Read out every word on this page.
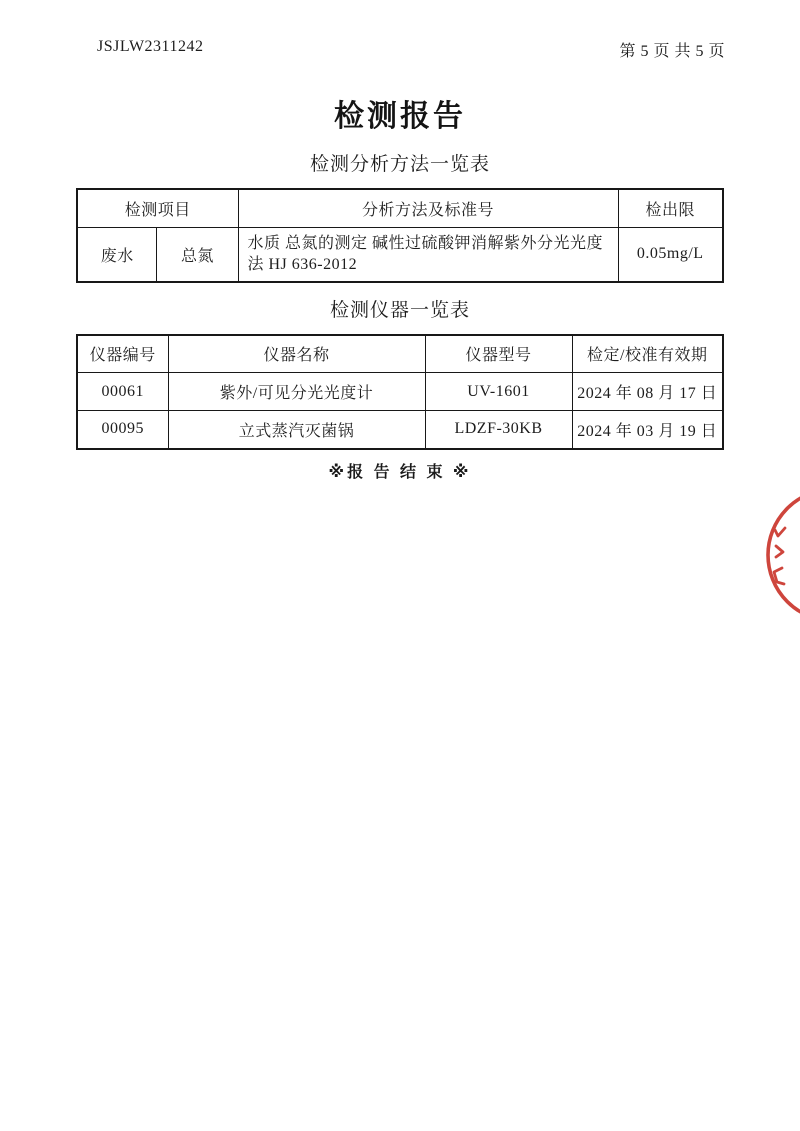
JSJLW2311242	第 5 页 共 5 页
检测报告
检测分析方法一览表
检测项目		分析方法及标准号	检出限
废水	总氮	水质 总氮的测定 碱性过硫酸钾消解紫外分光光度
法 HJ 636-2012	0.05mg/L
检测仪器一览表
仪器编号	仪器名称	仪器型号	检定/校准有效期
00061	紫外/可见分光光度计	UV-1601	2024 年 08 月 17 日
00095	立式蒸汽灭菌锅	LDZF-30KB	2024 年 03 月 19 日
※报 告 结 束 ※
